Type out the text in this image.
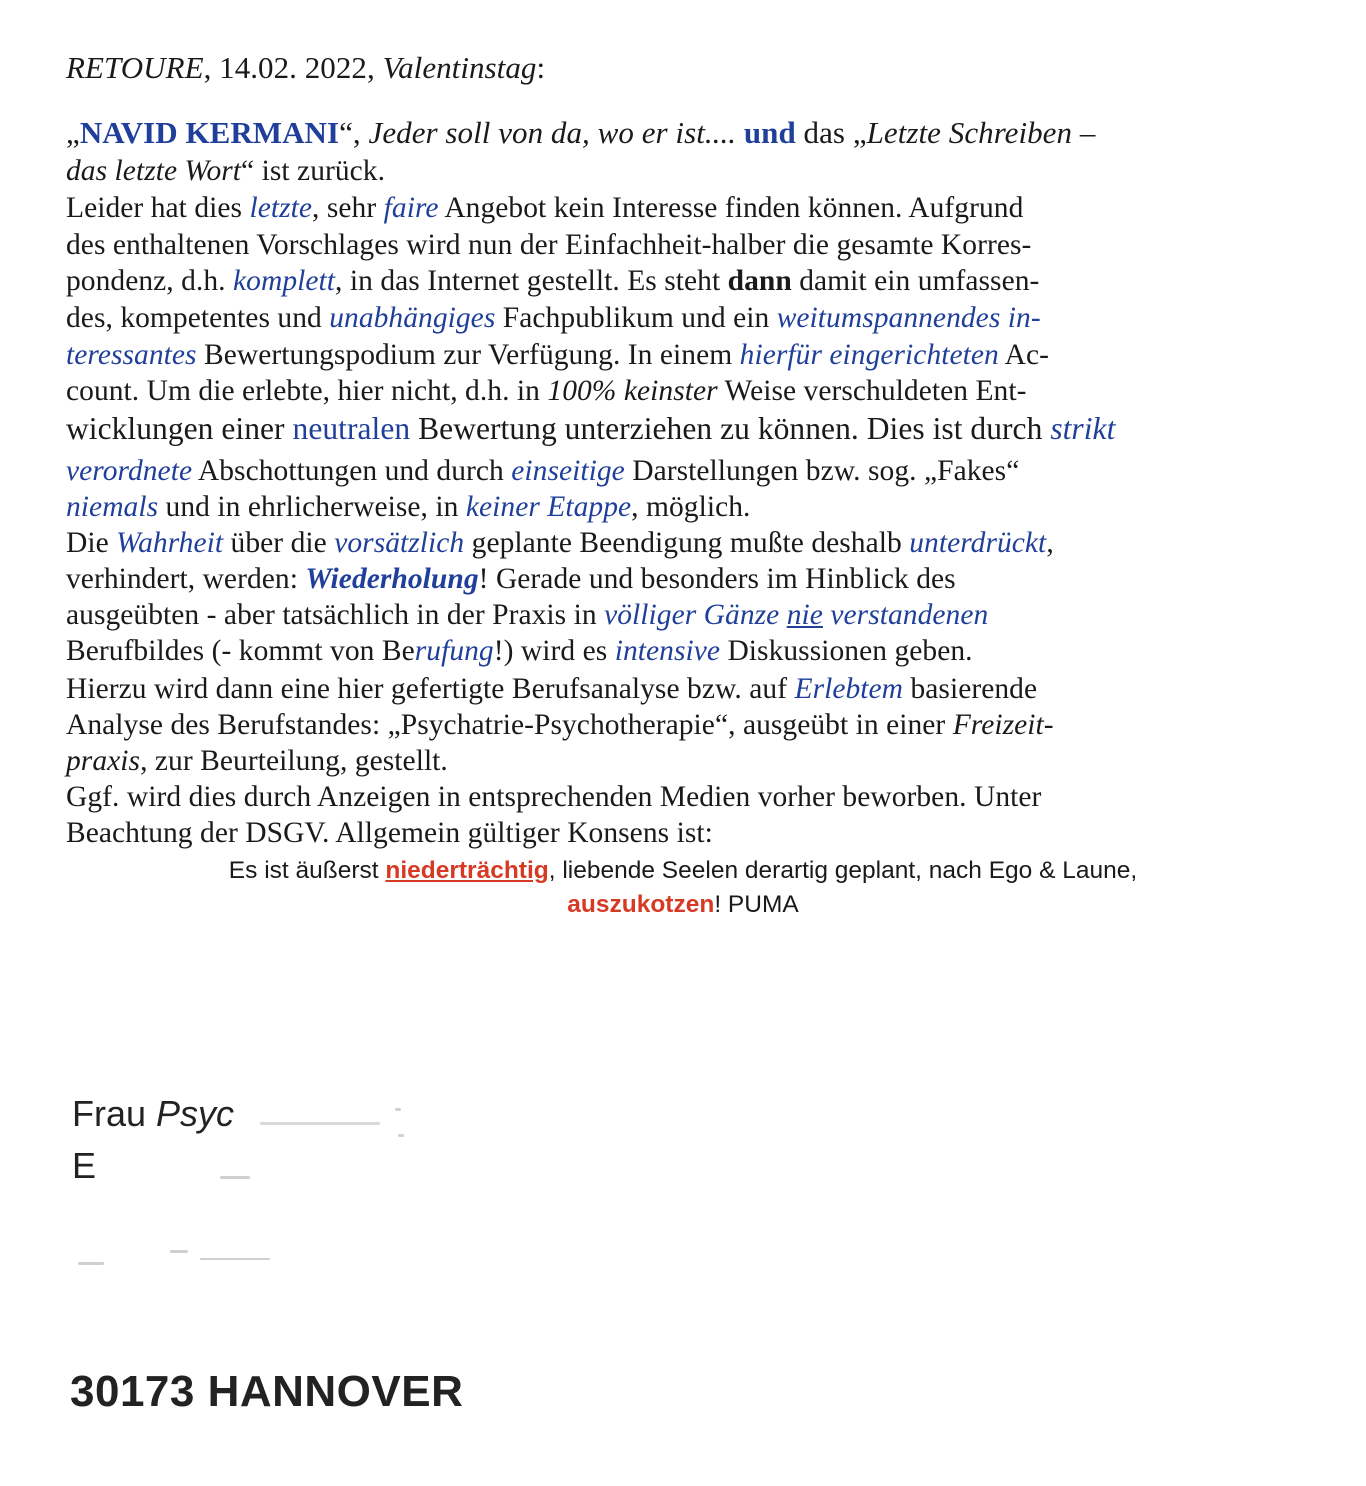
RETOURE, 14.02. 2022, Valentinstag:
„NAVID KERMANI“, Jeder soll von da, wo er ist.... und das „Letzte Schreiben –
das letzte Wort“ ist zurück.
Leider hat dies letzte, sehr faire Angebot kein Interesse finden können. Aufgrund
des enthaltenen Vorschlages wird nun der Einfachheit-halber die gesamte Korres-
pondenz, d.h. komplett, in das Internet gestellt. Es steht dann damit ein umfassen-
des, kompetentes und unabhängiges Fachpublikum und ein weitumspannendes in-
teressantes Bewertungspodium zur Verfügung. In einem hierfür eingerichteten Ac-
count. Um die erlebte, hier nicht, d.h. in 100% keinster Weise verschuldeten Ent-
wicklungen einer neutralen Bewertung unterziehen zu können. Dies ist durch strikt
verordnete Abschottungen und durch einseitige Darstellungen bzw. sog. „Fakes“
niemals und in ehrlicherweise, in keiner Etappe, möglich.
Die Wahrheit über die vorsätzlich geplante Beendigung mußte deshalb unterdrückt,
verhindert, werden: Wiederholung! Gerade und besonders im Hinblick des
ausgeübten - aber tatsächlich in der Praxis in völliger Gänze nie verstandenen
Berufbildes (- kommt von Berufung!) wird es intensive Diskussionen geben.
Hierzu wird dann eine hier gefertigte Berufsanalyse bzw. auf Erlebtem basierende
Analyse des Berufstandes: „Psychatrie-Psychotherapie“, ausgeübt in einer Freizeit-
praxis, zur Beurteilung, gestellt.
Ggf. wird dies durch Anzeigen in entsprechenden Medien vorher beworben. Unter
Beachtung der DSGV. Allgemein gültiger Konsens ist:
Es ist äußerst niederträchtig, liebende Seelen derartig geplant, nach Ego & Laune,
auszukotzen! PUMA
Frau Psyc
E
30173 HANNOVER
